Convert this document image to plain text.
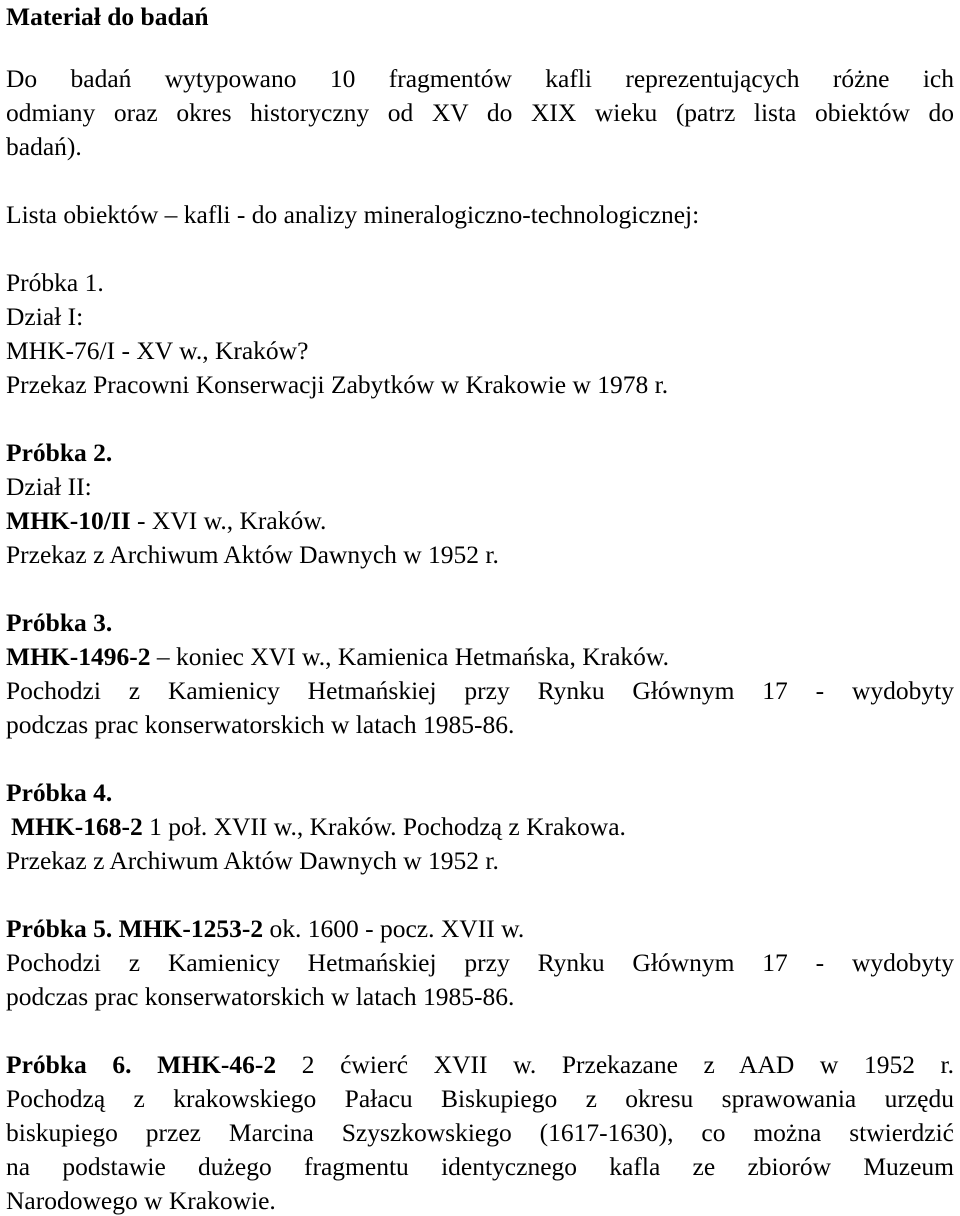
Materiał do badań
Do badań wytypowano 10 fragmentów kafli reprezentujących różne ich
odmiany oraz okres historyczny od XV do XIX wieku (patrz lista obiektów do
badań).
Lista obiektów – kafli - do analizy mineralogiczno-technologicznej:
Próbka 1.
Dział I:
MHK-76/I - XV w., Kraków?
Przekaz Pracowni Konserwacji Zabytków w Krakowie w 1978 r.
Próbka 2.
Dział II:
MHK-10/II - XVI w., Kraków.
Przekaz z Archiwum Aktów Dawnych w 1952 r.
Próbka 3.
MHK-1496-2 – koniec XVI w., Kamienica Hetmańska, Kraków.
Pochodzi z Kamienicy Hetmańskiej przy Rynku Głównym 17 - wydobyty
podczas prac konserwatorskich w latach 1985-86.
Próbka 4.
MHK-168-2 1 poł. XVII w., Kraków. Pochodzą z Krakowa.
Przekaz z Archiwum Aktów Dawnych w 1952 r.
Próbka 5. MHK-1253-2 ok. 1600 - pocz. XVII w.
Pochodzi z Kamienicy Hetmańskiej przy Rynku Głównym 17 - wydobyty
podczas prac konserwatorskich w latach 1985-86.
Próbka 6. MHK-46-2 2 ćwierć XVII w. Przekazane z AAD w 1952 r.
Pochodzą z krakowskiego Pałacu Biskupiego z okresu sprawowania urzędu
biskupiego przez Marcina Szyszkowskiego (1617-1630), co można stwierdzić
na podstawie dużego fragmentu identycznego kafla ze zbiorów Muzeum
Narodowego w Krakowie.
